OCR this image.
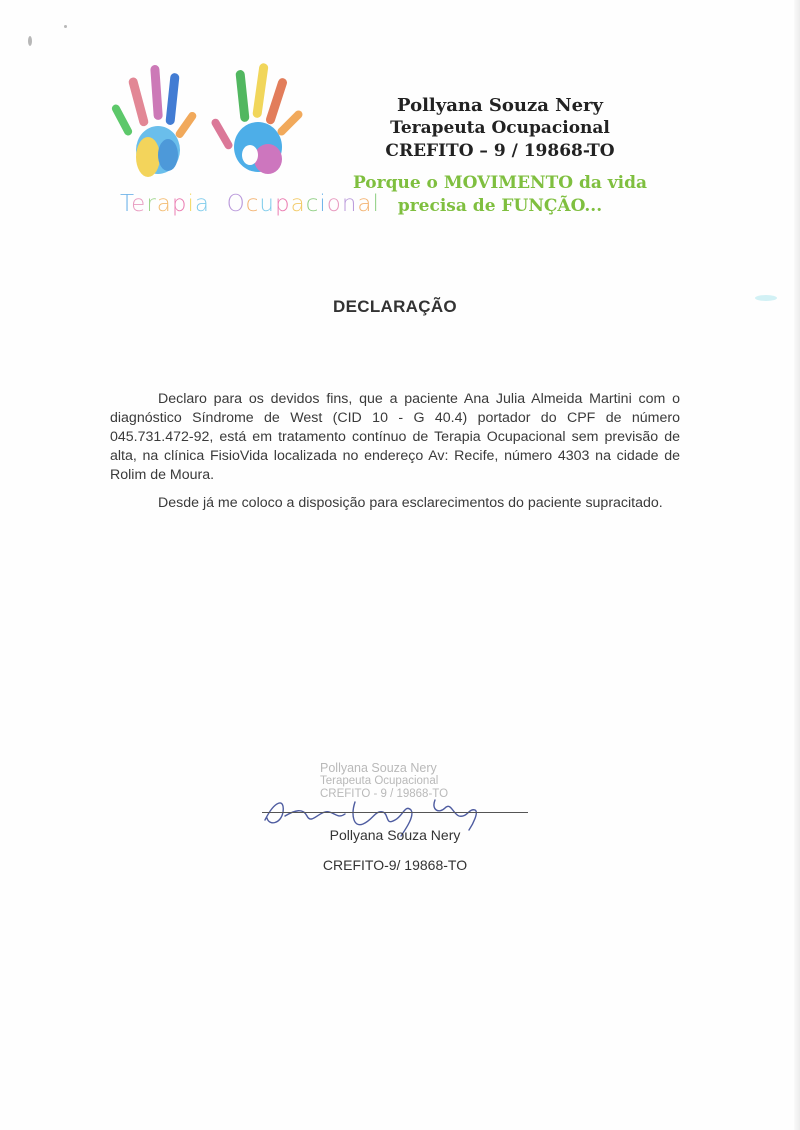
Terapia Ocupacional
Pollyana Souza Nery
Terapeuta Ocupacional
CREFITO – 9 / 19868-TO
Porque o MOVIMENTO da vida
precisa de FUNÇÃO...
DECLARAÇÃO

Declaro para os devidos fins, que a paciente Ana Julia Almeida Martini com o diagnóstico Síndrome de West (CID 10 - G 40.4) portador do CPF de número 045.731.472-92, está em tratamento contínuo de Terapia Ocupacional sem previsão de alta, na clínica FisioVida localizada no endereço Av: Recife, número 4303 na cidade de Rolim de Moura.

Desde já me coloco a disposição para esclarecimentos do paciente supracitado.

Pollyana Souza Nery
Terapeuta Ocupacional
CREFITO - 9 / 19868-TO
Pollyana Souza Nery
CREFITO-9/ 19868-TO
